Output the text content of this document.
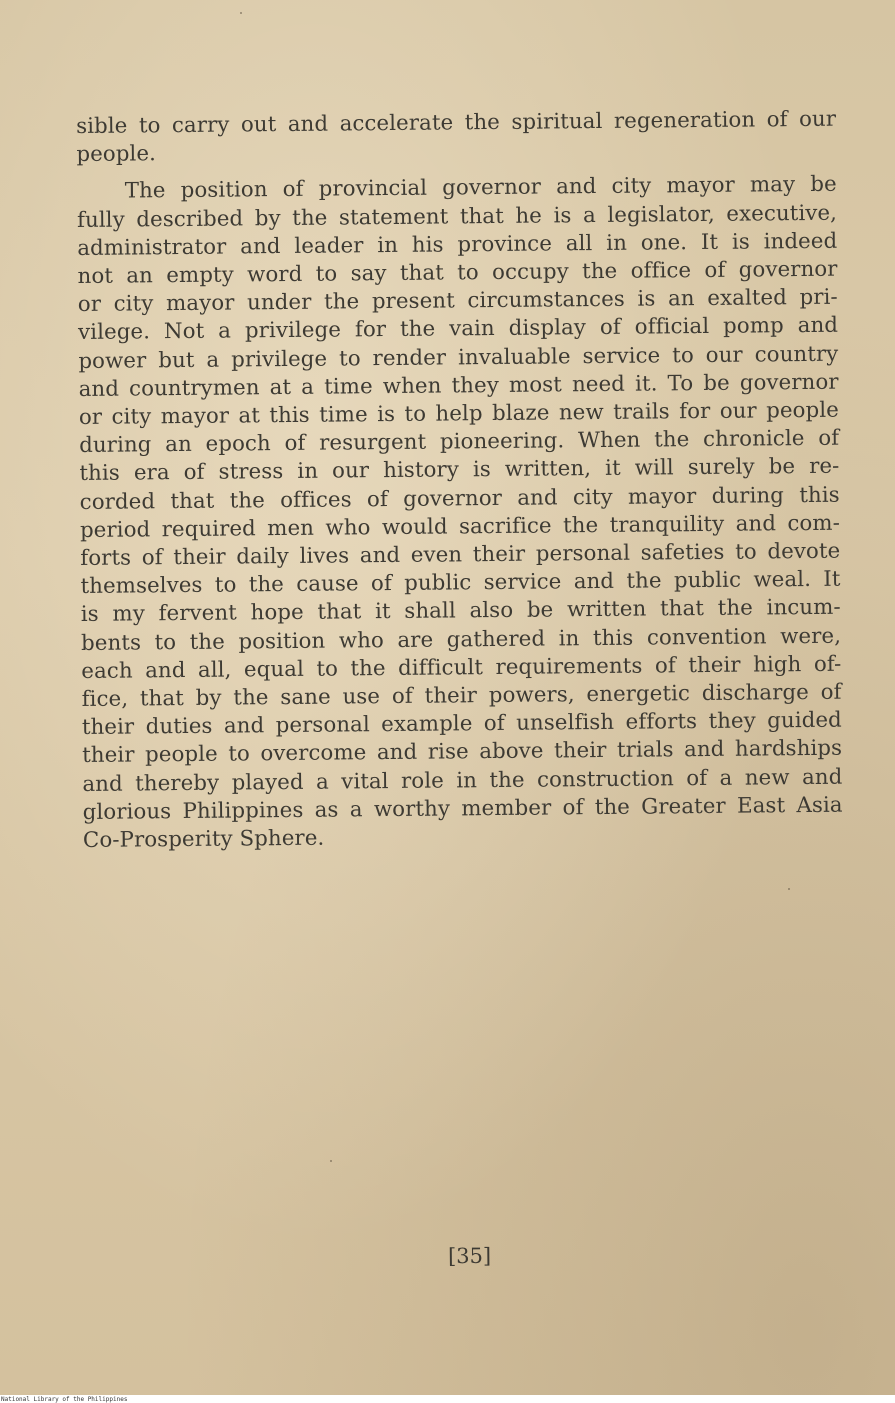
sible to carry out and accelerate the spiritual regeneration of our
people.

The position of provincial governor and city mayor may be
fully described by the statement that he is a legislator, executive,
administrator and leader in his province all in one. It is indeed
not an empty word to say that to occupy the office of governor
or city mayor under the present circumstances is an exalted pri-
vilege. Not a privilege for the vain display of official pomp and
power but a privilege to render invaluable service to our country
and countrymen at a time when they most need it. To be governor
or city mayor at this time is to help blaze new trails for our people
during an epoch of resurgent pioneering. When the chronicle of
this era of stress in our history is written, it will surely be re-
corded that the offices of governor and city mayor during this
period required men who would sacrifice the tranquility and com-
forts of their daily lives and even their personal safeties to devote
themselves to the cause of public service and the public weal. It
is my fervent hope that it shall also be written that the incum-
bents to the position who are gathered in this convention were,
each and all, equal to the difficult requirements of their high of-
fice, that by the sane use of their powers, energetic discharge of
their duties and personal example of unselfish efforts they guided
their people to overcome and rise above their trials and hardships
and thereby played a vital role in the construction of a new and
glorious Philippines as a worthy member of the Greater East Asia
Co-Prosperity Sphere.

[35]
National Library of the Philippines
